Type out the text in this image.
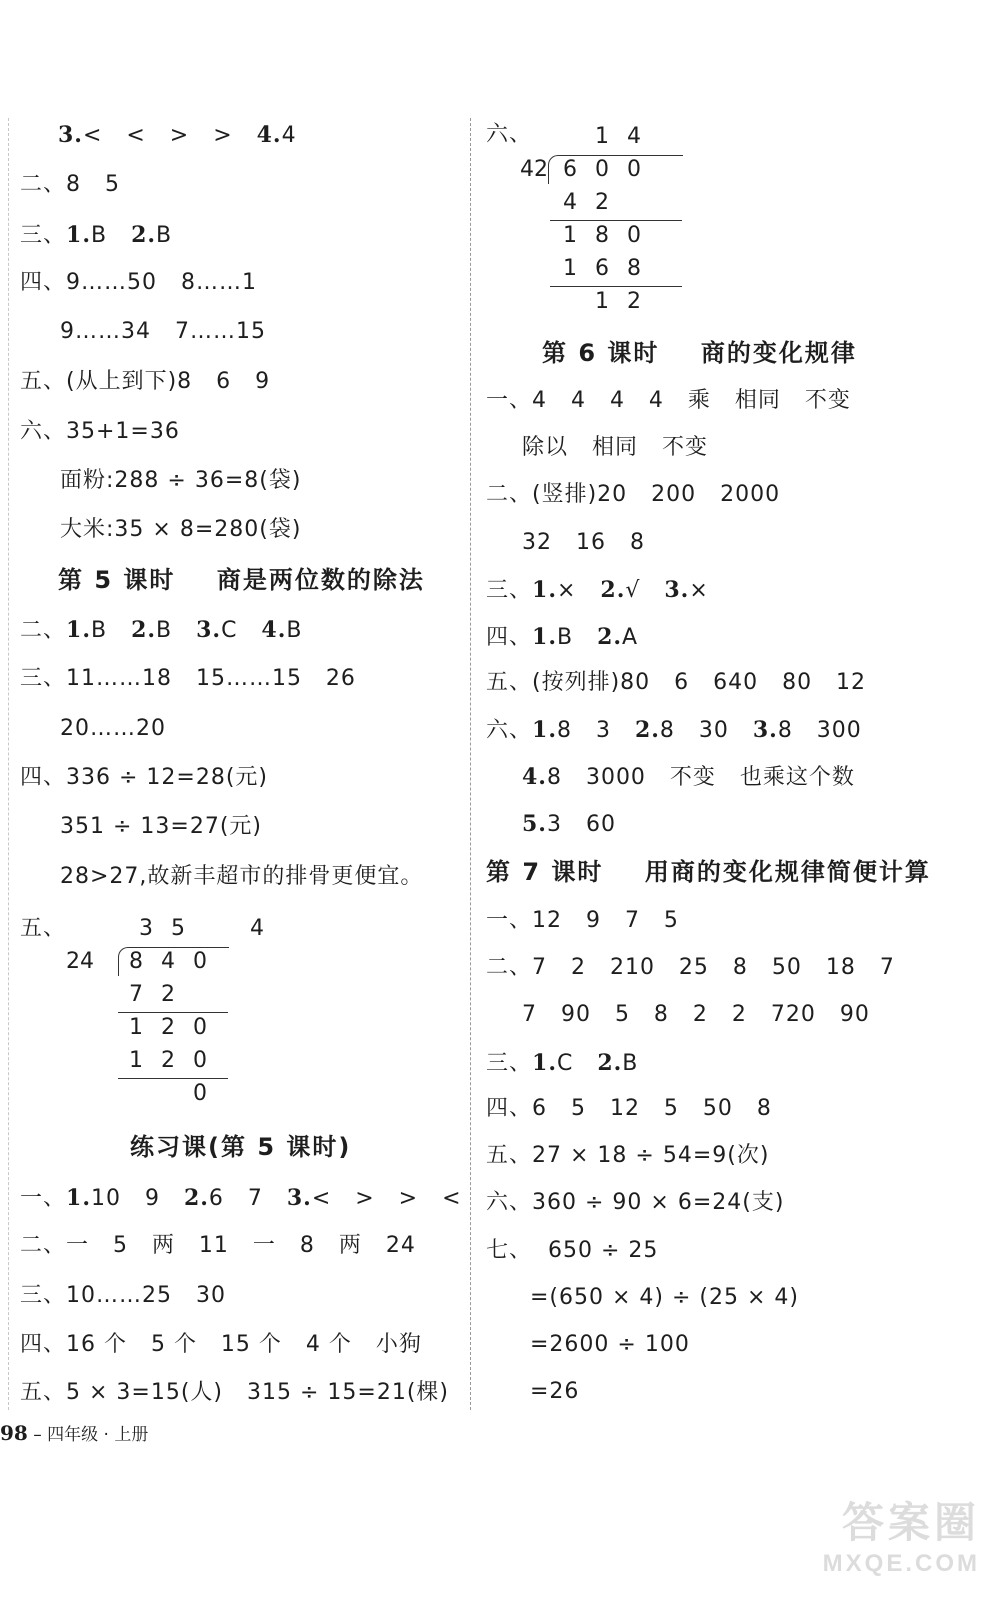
3.<   <   >   >   4.4
二、8   5
三、1.B   2.B
四、9……50   8……1
9……34   7……15
五、(从上到下)8   6   9
六、35+1=36
面粉:288 ÷ 36=8(袋)
大米:35 × 8=280(袋)
第 5 课时    商是两位数的除法
二、1.B   2.B   3.C   4.B
三、11……18   15……15   26
20……20
四、336 ÷ 12=28(元)
351 ÷ 13=27(元)
28>27,故新丰超市的排骨更便宜。
五、	4
3 5
24	8 4 0
7 2
1 2 0
1 2 0
0
练习课(第 5 课时)
一、1.10   9   2.6   7   3.<   >   >   <
二、一   5   两   11   一   8   两   24
三、10……25   30
四、16 个   5 个   15 个   4 个   小狗
五、5 × 3=15(人)   315 ÷ 15=21(棵)
六、	1 4
42 6 0 0
4 2
1 8 0
1 6 8
1 2
第 6 课时    商的变化规律
一、4   4   4   4   乘   相同   不变
除以   相同   不变
二、(竖排)20   200   2000
32   16   8
三、1.×   2.√   3.×
四、1.B   2.A
五、(按列排)80   6   640   80   12
六、1.8   3   2.8   30   3.8   300
4.8   3000   不变   也乘这个数
5.3   60
第 7 课时    用商的变化规律简便计算
一、12   9   7   5
二、7   2   210   25   8   50   18   7
7   90   5   8   2   2   720   90
三、1.C   2.B
四、6   5   12   5   50   8
五、27 × 18 ÷ 54=9(次)
六、360 ÷ 90 × 6=24(支)
七、  650 ÷ 25
=(650 × 4) ÷ (25 × 4)
=2600 ÷ 100
=26
98 – 四年级 · 上册
答案圈
MXQE.COM
